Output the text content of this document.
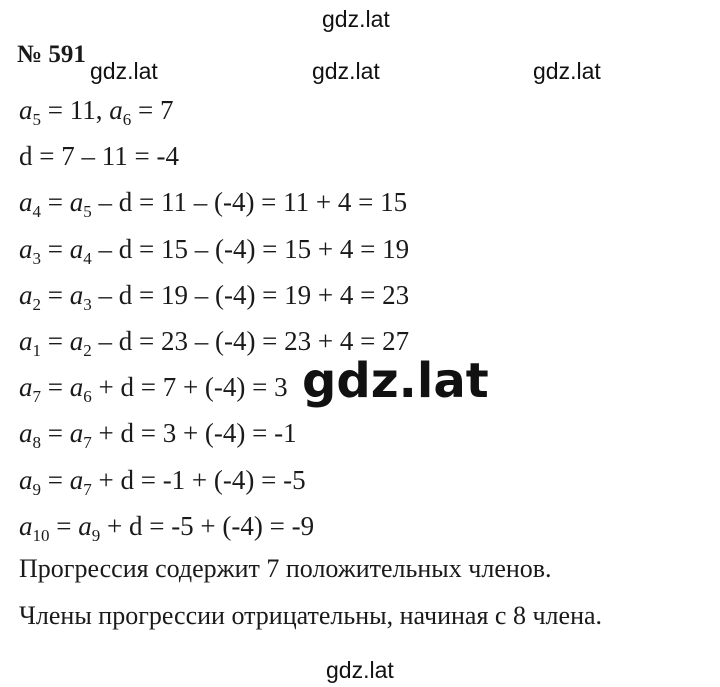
gdz.lat
№ 591
gdz.lat	gdz.lat	gdz.lat
$a_5 = 11$, $a_6 = 7$
d = 7 – 11 = -4
$a_4 = a_5 - d = 11 - (-4) = 11 + 4 = 15$
$a_3 = a_4 - d = 15 - (-4) = 15 + 4 = 19$
$a_2 = a_3 - d = 19 - (-4) = 19 + 4 = 23$
$a_1 = a_2 - d = 23 - (-4) = 23 + 4 = 27$
$a_7 = a_6 + d = 7 + (-4) = 3$
$a_8 = a_7 + d = 3 + (-4) = -1$
$a_9 = a_7 + d = -1 + (-4) = -5$
$a_{10} = a_9 + d = -5 + (-4) = -9$
Прогрессия содержит 7 положительных членов.
Члены прогрессии отрицательны, начиная с 8 члена.
gdz.lat
gdz.lat
